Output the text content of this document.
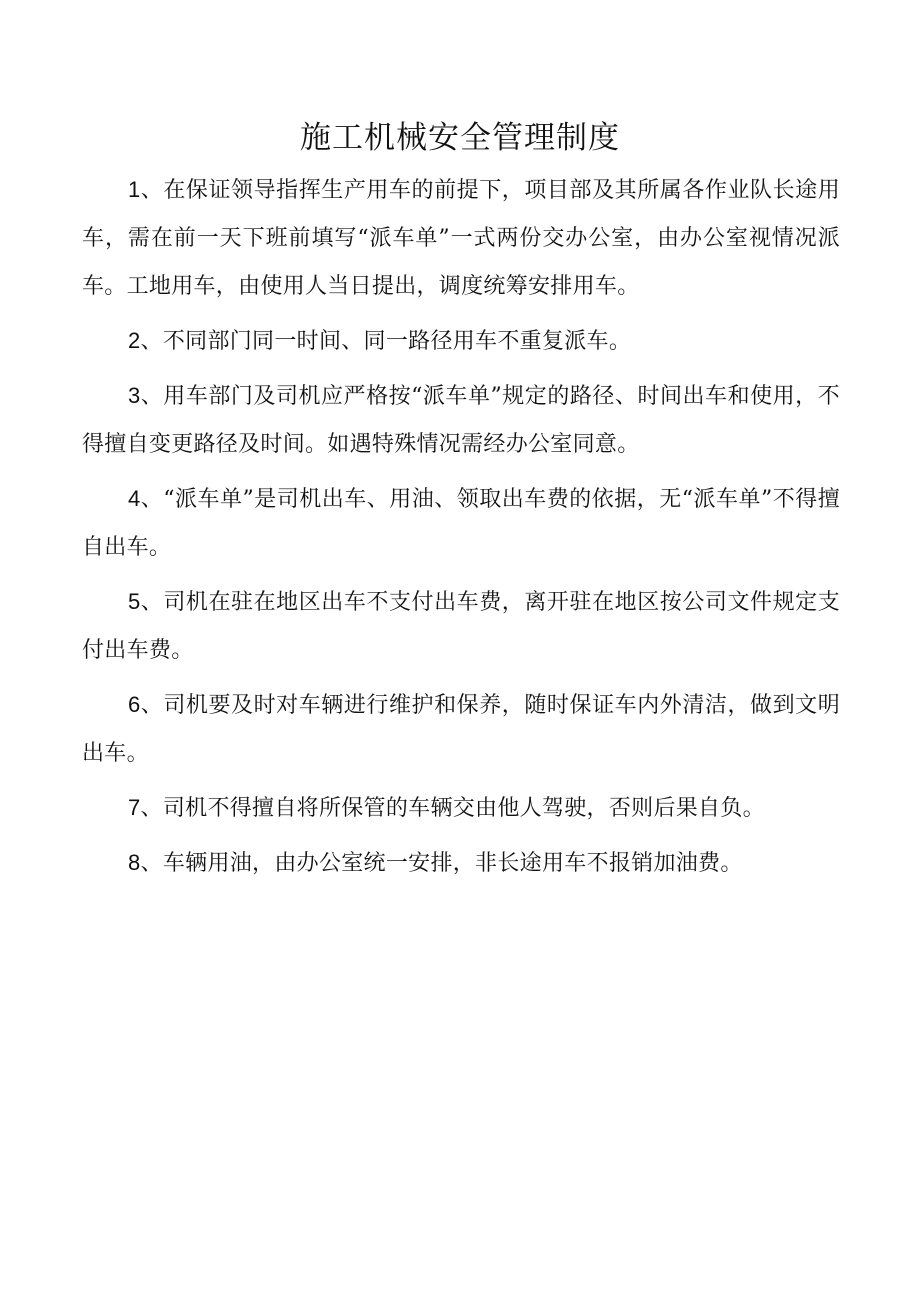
施工机械安全管理制度

1、在保证领导指挥生产用车的前提下，项目部及其所属各作业队长途用车，需在前一天下班前填写“派车单”一式两份交办公室，由办公室视情况派车。工地用车，由使用人当日提出，调度统筹安排用车。

2、不同部门同一时间、同一路径用车不重复派车。

3、用车部门及司机应严格按“派车单”规定的路径、时间出车和使用，不得擅自变更路径及时间。如遇特殊情况需经办公室同意。

4、“派车单”是司机出车、用油、领取出车费的依据，无“派车单”不得擅自出车。

5、司机在驻在地区出车不支付出车费，离开驻在地区按公司文件规定支付出车费。

6、司机要及时对车辆进行维护和保养，随时保证车内外清洁，做到文明出车。

7、司机不得擅自将所保管的车辆交由他人驾驶，否则后果自负。

8、车辆用油，由办公室统一安排，非长途用车不报销加油费。
